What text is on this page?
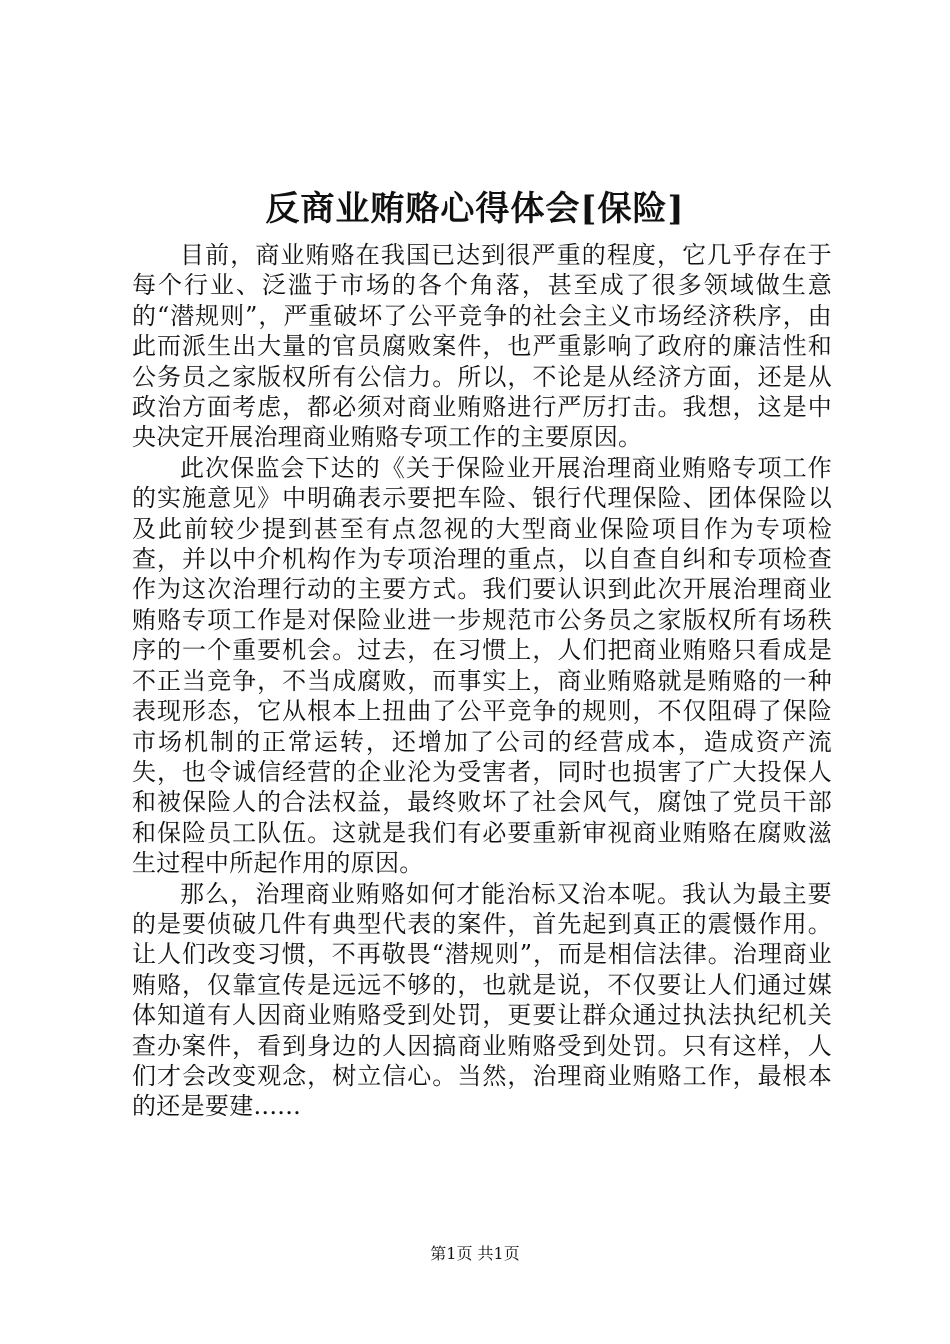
反商业贿赂心得体会[保险]

目前，商业贿赂在我国已达到很严重的程度，它几乎存在于每个行业、泛滥于市场的各个角落，甚至成了很多领域做生意的“潜规则”，严重破坏了公平竞争的社会主义市场经济秩序，由此而派生出大量的官员腐败案件，也严重影响了政府的廉洁性和公务员之家版权所有公信力。所以，不论是从经济方面，还是从政治方面考虑，都必须对商业贿赂进行严厉打击。我想，这是中央决定开展治理商业贿赂专项工作的主要原因。

此次保监会下达的《关于保险业开展治理商业贿赂专项工作的实施意见》中明确表示要把车险、银行代理保险、团体保险以及此前较少提到甚至有点忽视的大型商业保险项目作为专项检查，并以中介机构作为专项治理的重点，以自查自纠和专项检查作为这次治理行动的主要方式。我们要认识到此次开展治理商业贿赂专项工作是对保险业进一步规范市公务员之家版权所有场秩序的一个重要机会。过去，在习惯上，人们把商业贿赂只看成是不正当竞争，不当成腐败，而事实上，商业贿赂就是贿赂的一种表现形态，它从根本上扭曲了公平竞争的规则，不仅阻碍了保险市场机制的正常运转，还增加了公司的经营成本，造成资产流失，也令诚信经营的企业沦为受害者，同时也损害了广大投保人和被保险人的合法权益，最终败坏了社会风气，腐蚀了党员干部和保险员工队伍。这就是我们有必要重新审视商业贿赂在腐败滋生过程中所起作用的原因。

那么，治理商业贿赂如何才能治标又治本呢。我认为最主要的是要侦破几件有典型代表的案件，首先起到真正的震慑作用。让人们改变习惯，不再敬畏“潜规则”，而是相信法律。治理商业贿赂，仅靠宣传是远远不够的，也就是说，不仅要让人们通过媒体知道有人因商业贿赂受到处罚，更要让群众通过执法执纪机关查办案件，看到身边的人因搞商业贿赂受到处罚。只有这样，人们才会改变观念，树立信心。当然，治理商业贿赂工作，最根本的还是要建......

第1页 共1页
